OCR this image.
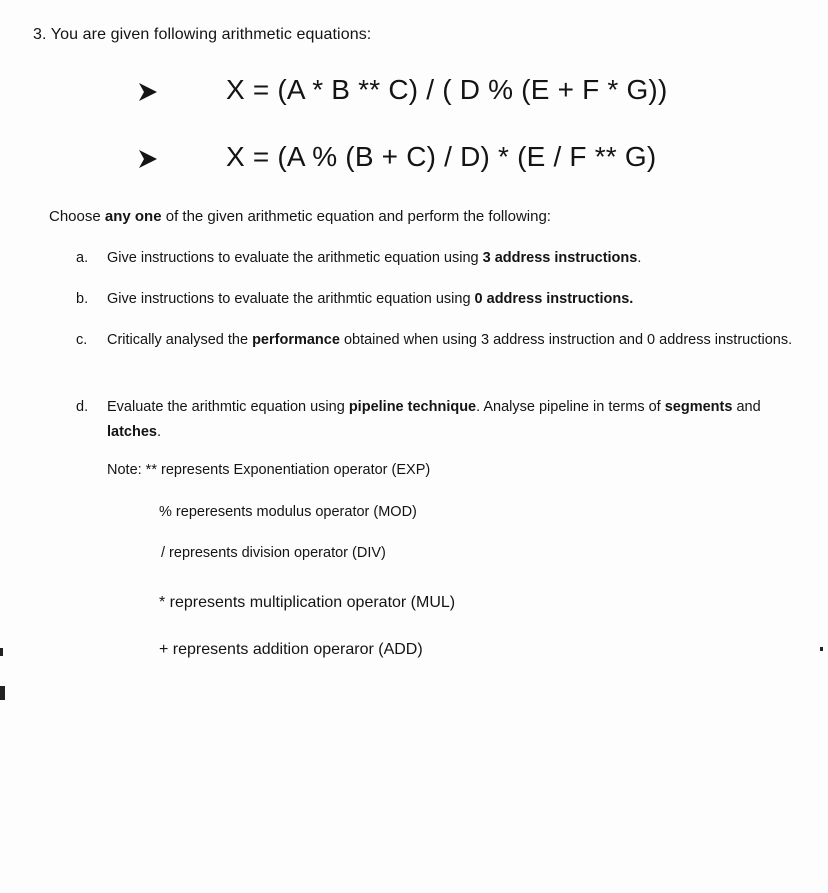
3. You are given following arithmetic equations:
X = (A * B ** C) / ( D % (E + F * G))
X = (A % (B + C) / D) * (E / F ** G)
Choose any one of the given arithmetic equation and perform the following:
a. Give instructions to evaluate the arithmetic equation using 3 address instructions.
b. Give instructions to evaluate the arithmtic equation using 0 address instructions.
c. Critically analysed the performance obtained when using 3 address instruction and 0 address instructions.
d. Evaluate the arithmtic equation using pipeline technique. Analyse pipeline in terms of segments and latches.
Note: ** represents Exponentiation operator (EXP)
% reperesents modulus operator (MOD)
/ represents division operator (DIV)
* represents multiplication operator (MUL)
+ represents addition operaror (ADD)
